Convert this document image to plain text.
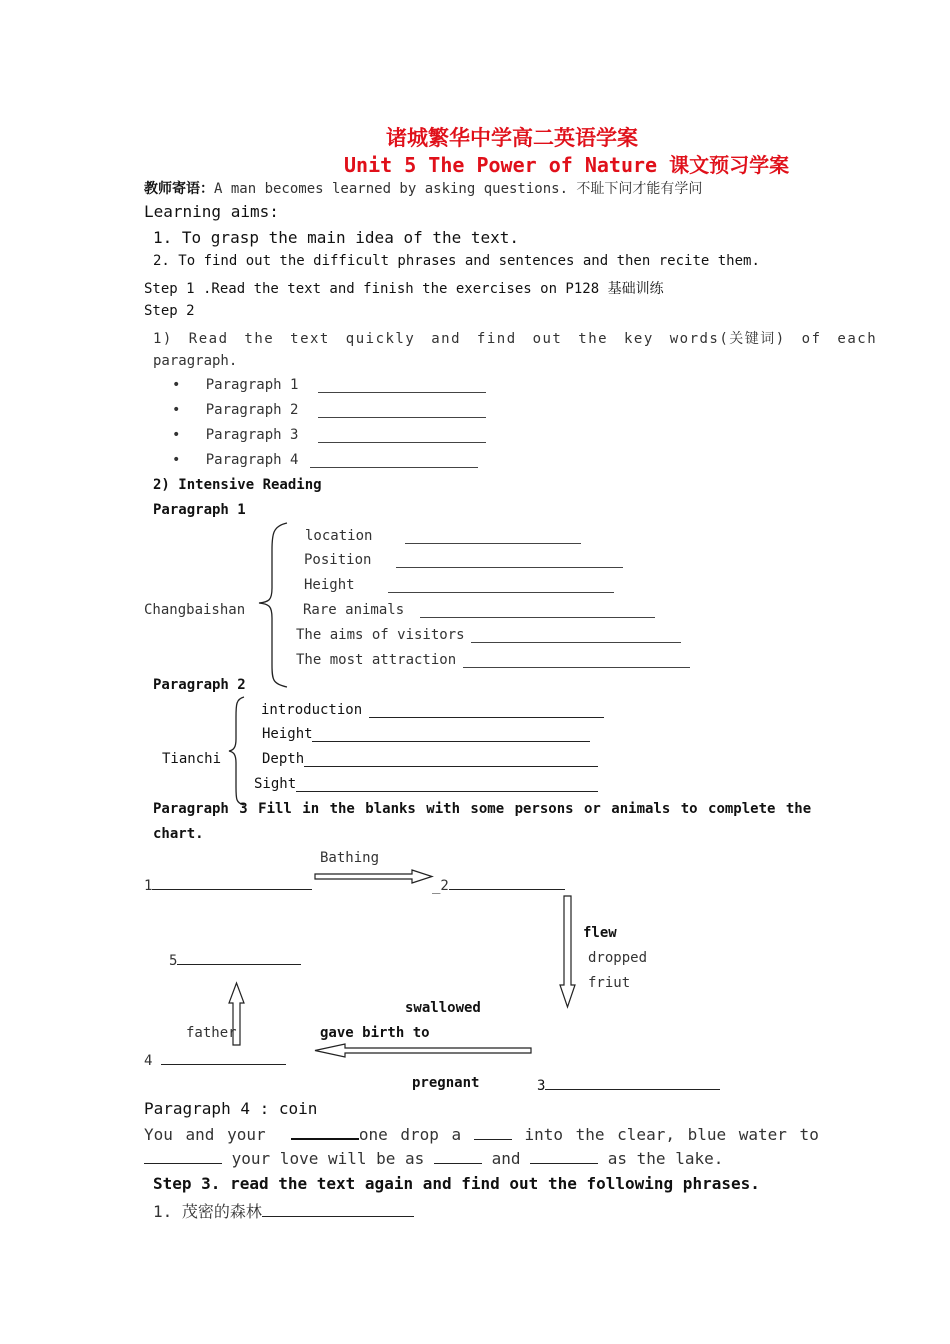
诸城繁华中学高二英语学案
Unit 5 The Power of Nature 课文预习学案
教师寄语：A man becomes learned by asking questions. 不耻下问才能有学问
Learning aims:
1. To grasp the main idea of the text.
2. To find out the difficult phrases and sentences and then recite them.
Step 1 .Read the text and finish the exercises on P128 基础训练
Step 2
1) Read the text quickly and find out the key words(关键词) of each
paragraph.
•   Paragraph 1
•   Paragraph 2
•   Paragraph 3
•   Paragraph 4
2) Intensive Reading
Paragraph 1
Changbaishan
location
Position
Height
Rare animals
The aims of visitors
The most attraction
Paragraph 2
Tianchi
introduction
Height
Depth
Sight
Paragraph 3 Fill in the blanks with some persons or animals to complete the
chart.
Bathing
1	_2
flew
dropped
friut
5
swallowed
father	gave birth to
4
pregnant	3
Paragraph 4 : coin
You and your	one drop a	into the clear, blue water to
your love will be as	and	as the lake.
Step 3. read the text again and find out the following phrases.
1. 茂密的森林
